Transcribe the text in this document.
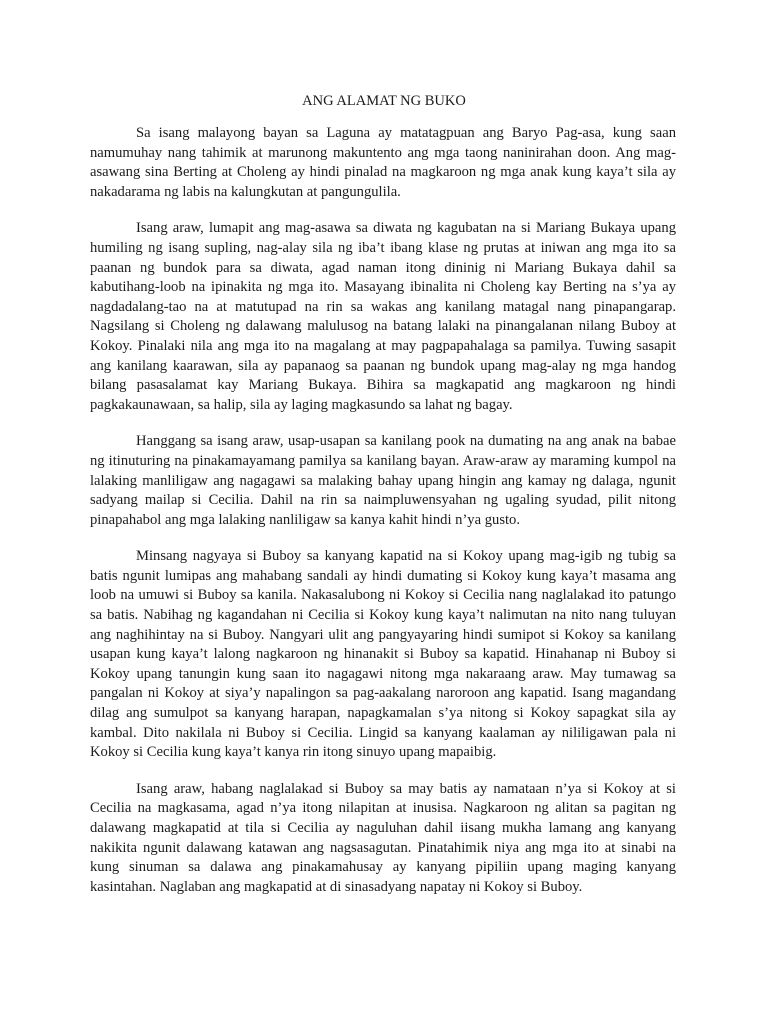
ANG ALAMAT NG BUKO

Sa isang malayong bayan sa Laguna ay matatagpuan ang Baryo Pag-asa, kung saan namumuhay nang tahimik at marunong makuntento ang mga taong naninirahan doon. Ang mag-asawang sina Berting at Choleng ay hindi pinalad na magkaroon ng mga anak kung kaya’t sila ay nakadarama ng labis na kalungkutan at pangungulila.

Isang araw, lumapit ang mag-asawa sa diwata ng kagubatan na si Mariang Bukaya upang humiling ng isang supling, nag-alay sila ng iba’t ibang klase ng prutas at iniwan ang mga ito sa paanan ng bundok para sa diwata, agad naman itong dininig ni Mariang Bukaya dahil sa kabutihang-loob na ipinakita ng mga ito. Masayang ibinalita ni Choleng kay Berting na s’ya ay nagdadalang-tao na at matutupad na rin sa wakas ang kanilang matagal nang pinapangarap. Nagsilang si Choleng ng dalawang malulusog na batang lalaki na pinangalanan nilang Buboy at Kokoy. Pinalaki nila ang mga ito na magalang at may pagpapahalaga sa pamilya. Tuwing sasapit ang kanilang kaarawan, sila ay papanaog sa paanan ng bundok upang mag-alay ng mga handog bilang pasasalamat kay Mariang Bukaya. Bihira sa magkapatid ang magkaroon ng hindi pagkakaunawaan, sa halip, sila ay laging magkasundo sa lahat ng bagay.

Hanggang sa isang araw, usap-usapan sa kanilang pook na dumating na ang anak na babae ng itinuturing na pinakamayamang pamilya sa kanilang bayan. Araw-araw ay maraming kumpol na lalaking manliligaw ang nagagawi sa malaking bahay upang hingin ang kamay ng dalaga, ngunit sadyang mailap si Cecilia. Dahil na rin sa naimpluwensyahan ng ugaling syudad, pilit nitong pinapahabol ang mga lalaking nanliligaw sa kanya kahit hindi n’ya gusto.

Minsang nagyaya si Buboy sa kanyang kapatid na si Kokoy upang mag-igib ng tubig sa batis ngunit lumipas ang mahabang sandali ay hindi dumating si Kokoy kung kaya’t masama ang loob na umuwi si Buboy sa kanila. Nakasalubong ni Kokoy si Cecilia nang naglalakad ito patungo sa batis. Nabihag ng kagandahan ni Cecilia si Kokoy kung kaya’t nalimutan na nito nang tuluyan ang naghihintay na si Buboy. Nangyari ulit ang pangyayaring hindi sumipot si Kokoy sa kanilang usapan kung kaya’t lalong nagkaroon ng hinanakit si Buboy sa kapatid. Hinahanap ni Buboy si Kokoy upang tanungin kung saan ito nagagawi nitong mga nakaraang araw. May tumawag sa pangalan ni Kokoy at siya’y napalingon sa pag-aakalang naroroon ang kapatid. Isang magandang dilag ang sumulpot sa kanyang harapan, napagkamalan s’ya nitong si Kokoy sapagkat sila ay kambal. Dito nakilala ni Buboy si Cecilia. Lingid sa kanyang kaalaman ay nililigawan pala ni Kokoy si Cecilia kung kaya’t kanya rin itong sinuyo upang mapaibig.

Isang araw, habang naglalakad si Buboy sa may batis ay namataan n’ya si Kokoy at si Cecilia na magkasama, agad n’ya itong nilapitan at inusisa. Nagkaroon ng alitan sa pagitan ng dalawang magkapatid at tila si Cecilia ay naguluhan dahil iisang mukha lamang ang kanyang nakikita ngunit dalawang katawan ang nagsasagutan. Pinatahimik niya ang mga ito at sinabi na kung sinuman sa dalawa ang pinakamahusay ay kanyang pipiliin upang maging kanyang kasintahan. Naglaban ang magkapatid at di sinasadyang napatay ni Kokoy si Buboy.
